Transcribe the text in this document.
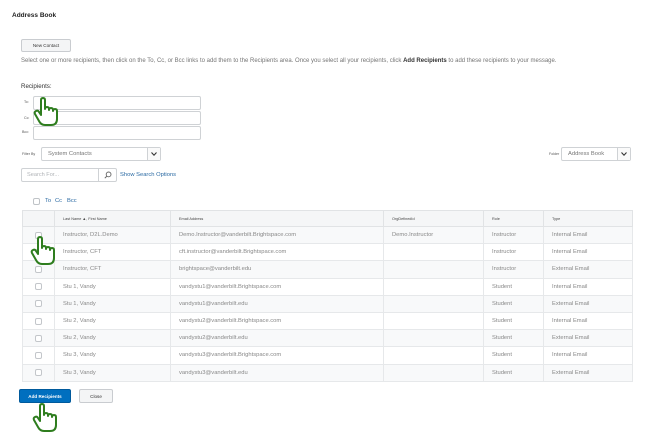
Address Book
New Contact
Select one or more recipients, then click on the To, Cc, or Bcc links to add them to the Recipients area. Once you select all your recipients, click Add Recipients to add these recipients to your message.
Recipients:
To:
Cc:
Bcc:
Filter By System Contacts	Folder Address Book
Search For...	Show Search Options
To Cc Bcc
	Last Name ▲, First Name	Email Address	OrgDefinedId	Role	Type

	Instructor, D2L.Demo	Demo.Instructor@vanderbilt.Brightspace.com	Demo.Instructor	Instructor	Internal Email

	Instructor, CFT	cft.instructor@vanderbilt.Brightspace.com		Instructor	Internal Email

	Instructor, CFT	brightspace@vanderbilt.edu		Instructor	External Email

	Stu 1, Vandy	vandystu1@vanderbilt.Brightspace.com		Student	Internal Email

	Stu 1, Vandy	vandystu1@vanderbilt.edu		Student	External Email

	Stu 2, Vandy	vandystu2@vanderbilt.Brightspace.com		Student	Internal Email

	Stu 2, Vandy	vandystu2@vanderbilt.edu		Student	External Email

	Stu 3, Vandy	vandystu3@vanderbilt.Brightspace.com		Student	Internal Email

	Stu 3, Vandy	vandystu3@vanderbilt.edu		Student	External Email
Add Recipients	Close
